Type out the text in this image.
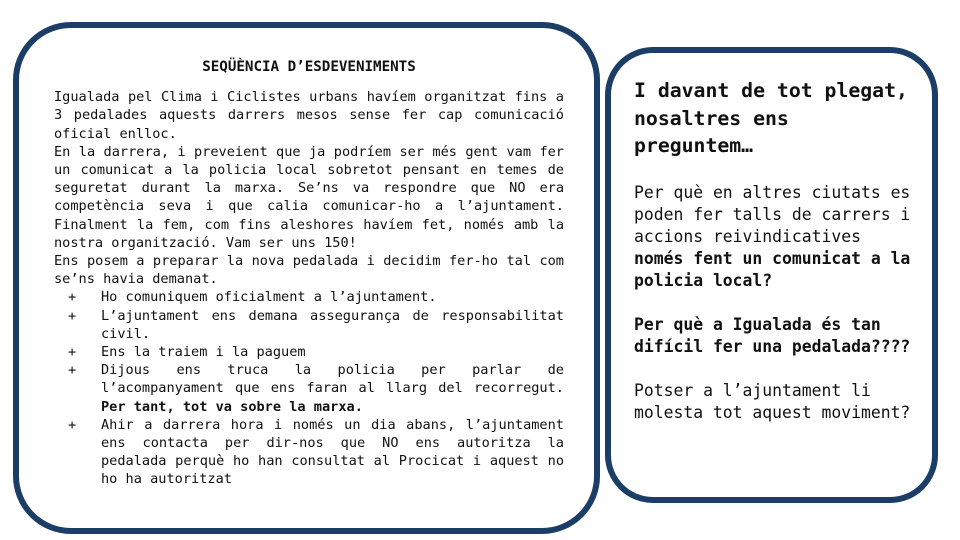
SEQÜÈNCIA D’ESDEVENIMENTS

Igualada pel Clima i Ciclistes urbans havíem organitzat fins a 3 pedalades aquests darrers mesos sense fer cap comunicació oficial enlloc.

En la darrera, i preveient que ja podríem ser més gent vam fer un comunicat a la policia local sobretot pensant en temes de seguretat durant la marxa. Se’ns va respondre que NO era competència seva i que calia comunicar-ho a l’ajuntament. Finalment la fem, com fins aleshores havíem fet, només amb la nostra organització. Vam ser uns 150!

Ens posem a preparar la nova pedalada i decidim fer-ho tal com se’ns havia demanat.

+ Ho comuniquem oficialment a l’ajuntament.
+ L’ajuntament ens demana assegurança de responsabilitat civil.
+ Ens la traiem i la paguem
+ Dijous ens truca la policia per parlar de l’acompanyament que ens faran al llarg del recorregut. Per tant, tot va sobre la marxa.
+ Ahir a darrera hora i només un dia abans, l’ajuntament ens contacta per dir-nos que NO ens autoritza la pedalada perquè ho han consultat al Procicat i aquest no ho ha autoritzat

I davant de tot plegat, nosaltres ens preguntem…

Per què en altres ciutats es poden fer talls de carrers i accions reivindicatives només fent un comunicat a la policia local?

Per què a Igualada és tan difícil fer una pedalada????

Potser a l’ajuntament li molesta tot aquest moviment?
